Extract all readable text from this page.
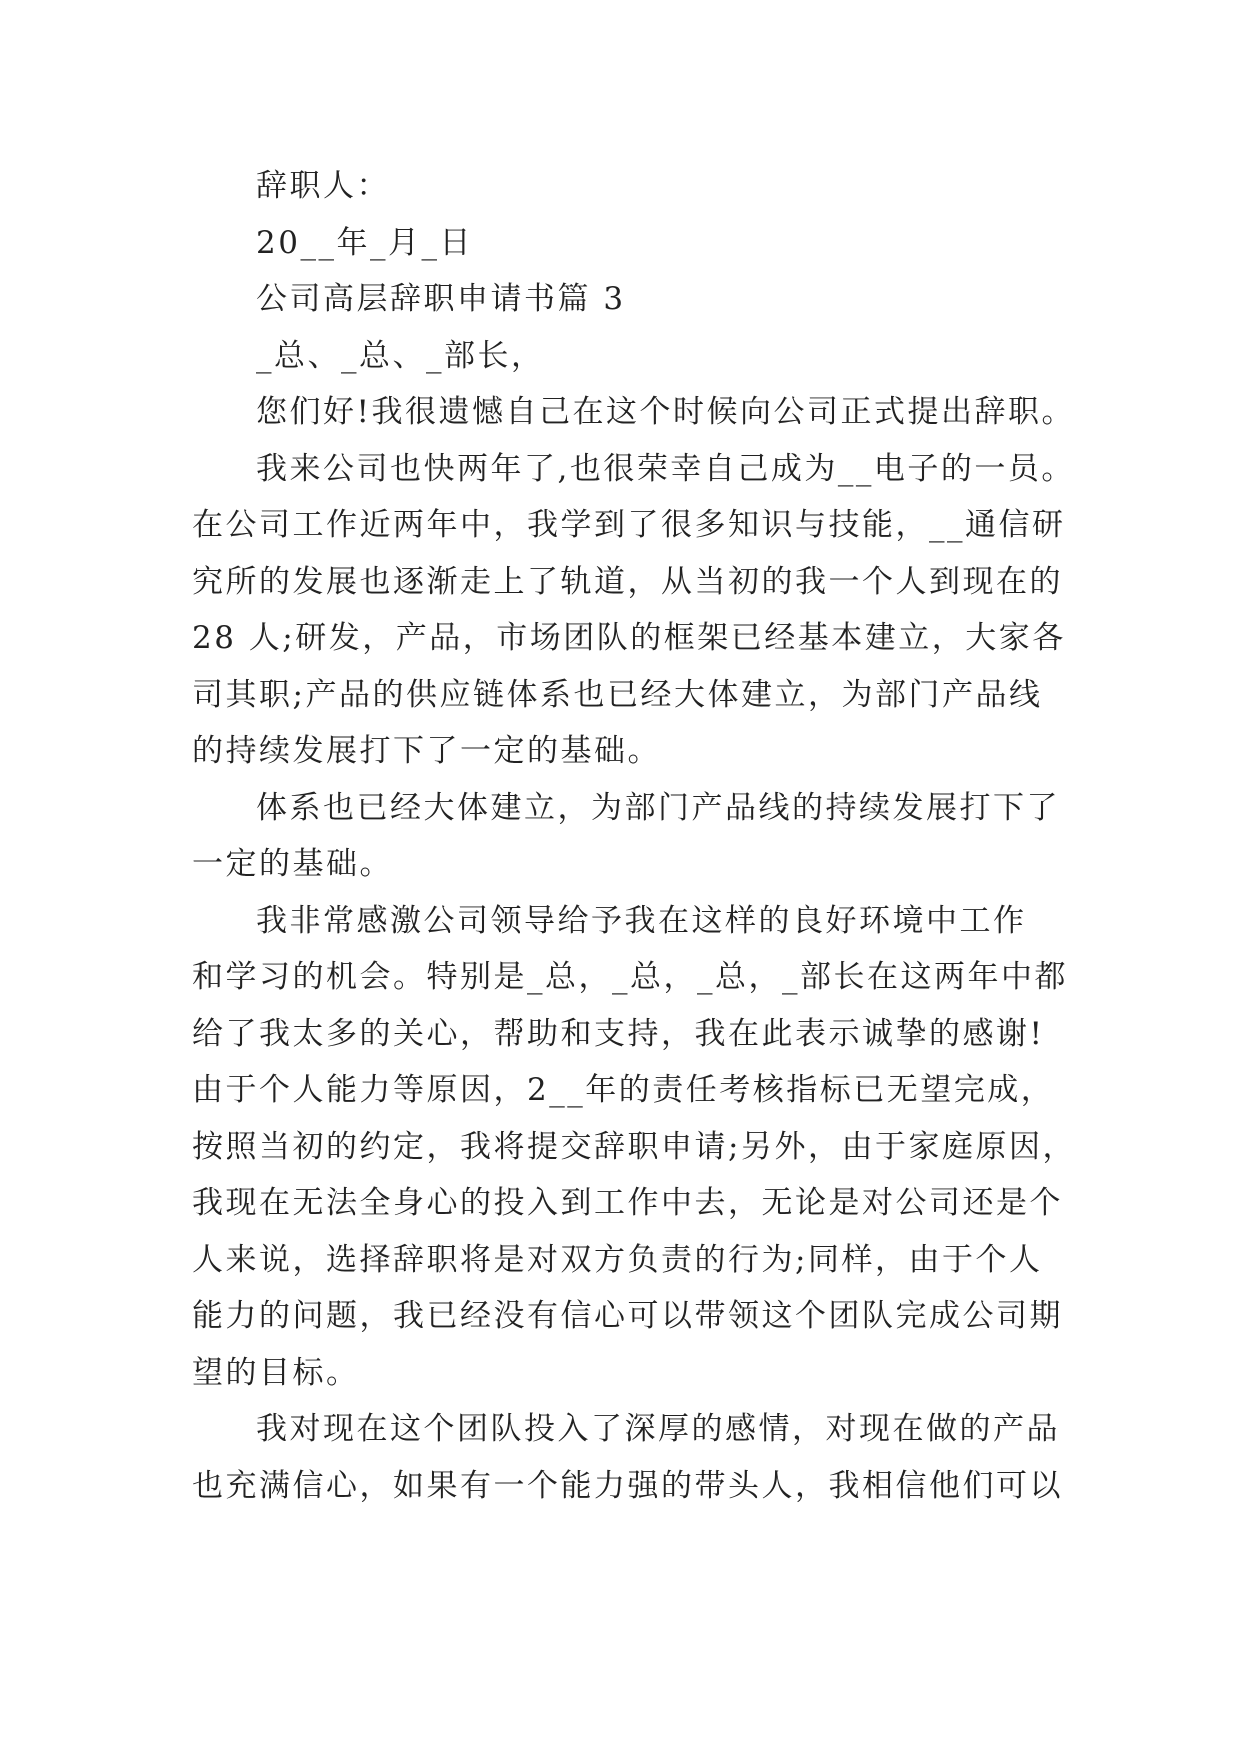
辞职人：

20__年_月_日

公司高层辞职申请书篇 3

_总、_总、_部长，

您们好!我很遗憾自己在这个时候向公司正式提出辞职。

我来公司也快两年了,也很荣幸自己成为__电子的一员。
在公司工作近两年中，我学到了很多知识与技能，__通信研
究所的发展也逐渐走上了轨道，从当初的我一个人到现在的
28 人;研发，产品，市场团队的框架已经基本建立，大家各
司其职;产品的供应链体系也已经大体建立，为部门产品线
的持续发展打下了一定的基础。

体系也已经大体建立，为部门产品线的持续发展打下了
一定的基础。

我非常感激公司领导给予我在这样的良好环境中工作
和学习的机会。特别是_总，_总，_总，_部长在这两年中都
给了我太多的关心，帮助和支持，我在此表示诚挚的感谢!
由于个人能力等原因，2__年的责任考核指标已无望完成，
按照当初的约定，我将提交辞职申请;另外，由于家庭原因，
我现在无法全身心的投入到工作中去，无论是对公司还是个
人来说，选择辞职将是对双方负责的行为;同样，由于个人
能力的问题，我已经没有信心可以带领这个团队完成公司期
望的目标。

我对现在这个团队投入了深厚的感情，对现在做的产品
也充满信心，如果有一个能力强的带头人，我相信他们可以
